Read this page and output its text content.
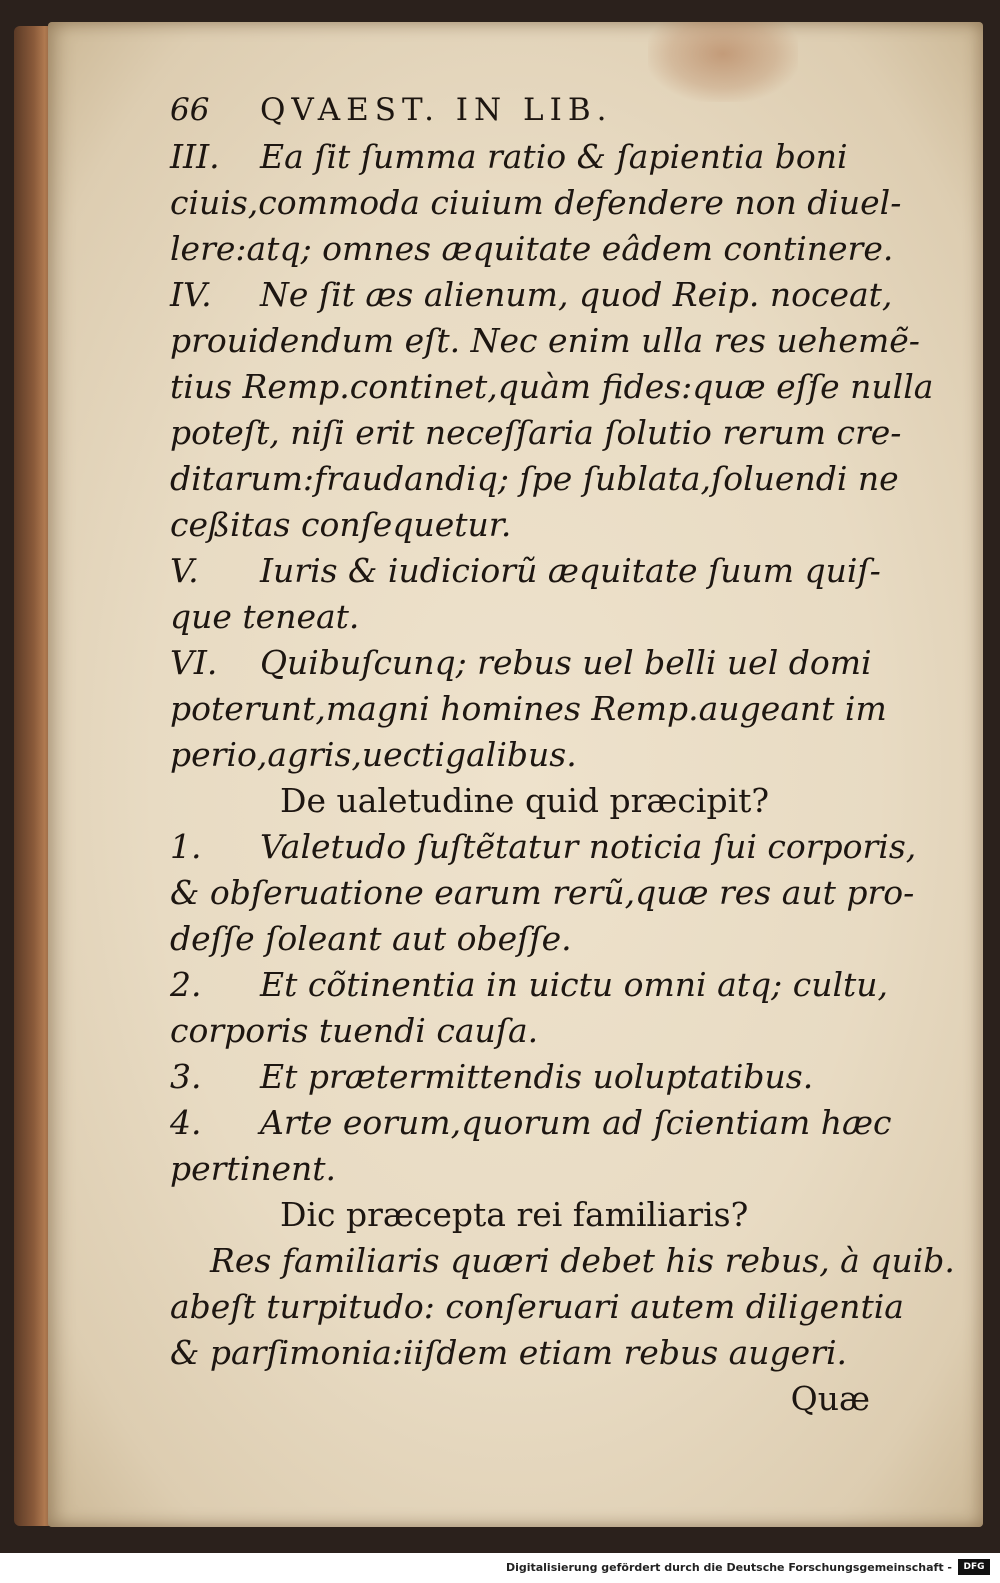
66 QVAEST. IN LIB.
III. Ea ſit ſumma ratio & ſapientia boni
ciuis,commoda ciuium defendere non diuel-
lere:atq; omnes æquitate eâdem continere.
IV. Ne ſit æs alienum, quod Reip. noceat,
prouidendum eſt. Nec enim ulla res uehemẽ-
tius Remp.continet,quàm fides:quæ eſſe nulla
poteſt, niſi erit neceſſaria ſolutio rerum cre-
ditarum:fraudandiq; ſpe ſublata,ſoluendi ne
ceßitas conſequetur.
V. Iuris & iudiciorũ æquitate ſuum quiſ-
que teneat.
VI. Quibuſcunq; rebus uel belli uel domi
poterunt,magni homines Remp.augeant im
perio,agris,uectigalibus.
De ualetudine quid præcipit?
1. Valetudo ſuſtẽtatur noticia ſui corporis,
& obſeruatione earum rerũ,quæ res aut pro-
deſſe ſoleant aut obeſſe.
2. Et cõtinentia in uictu omni atq; cultu,
corporis tuendi cauſa.
3. Et prætermittendis uoluptatibus.
4. Arte eorum,quorum ad ſcientiam hæc
pertinent.
Dic præcepta rei familiaris?
Res familiaris quæri debet his rebus, à quib.
abeſt turpitudo: conſeruari autem diligentia
& parſimonia:iiſdem etiam rebus augeri.
Quæ
Digitalisierung gefördert durch die Deutsche Forschungsgemeinschaft -	DFG
